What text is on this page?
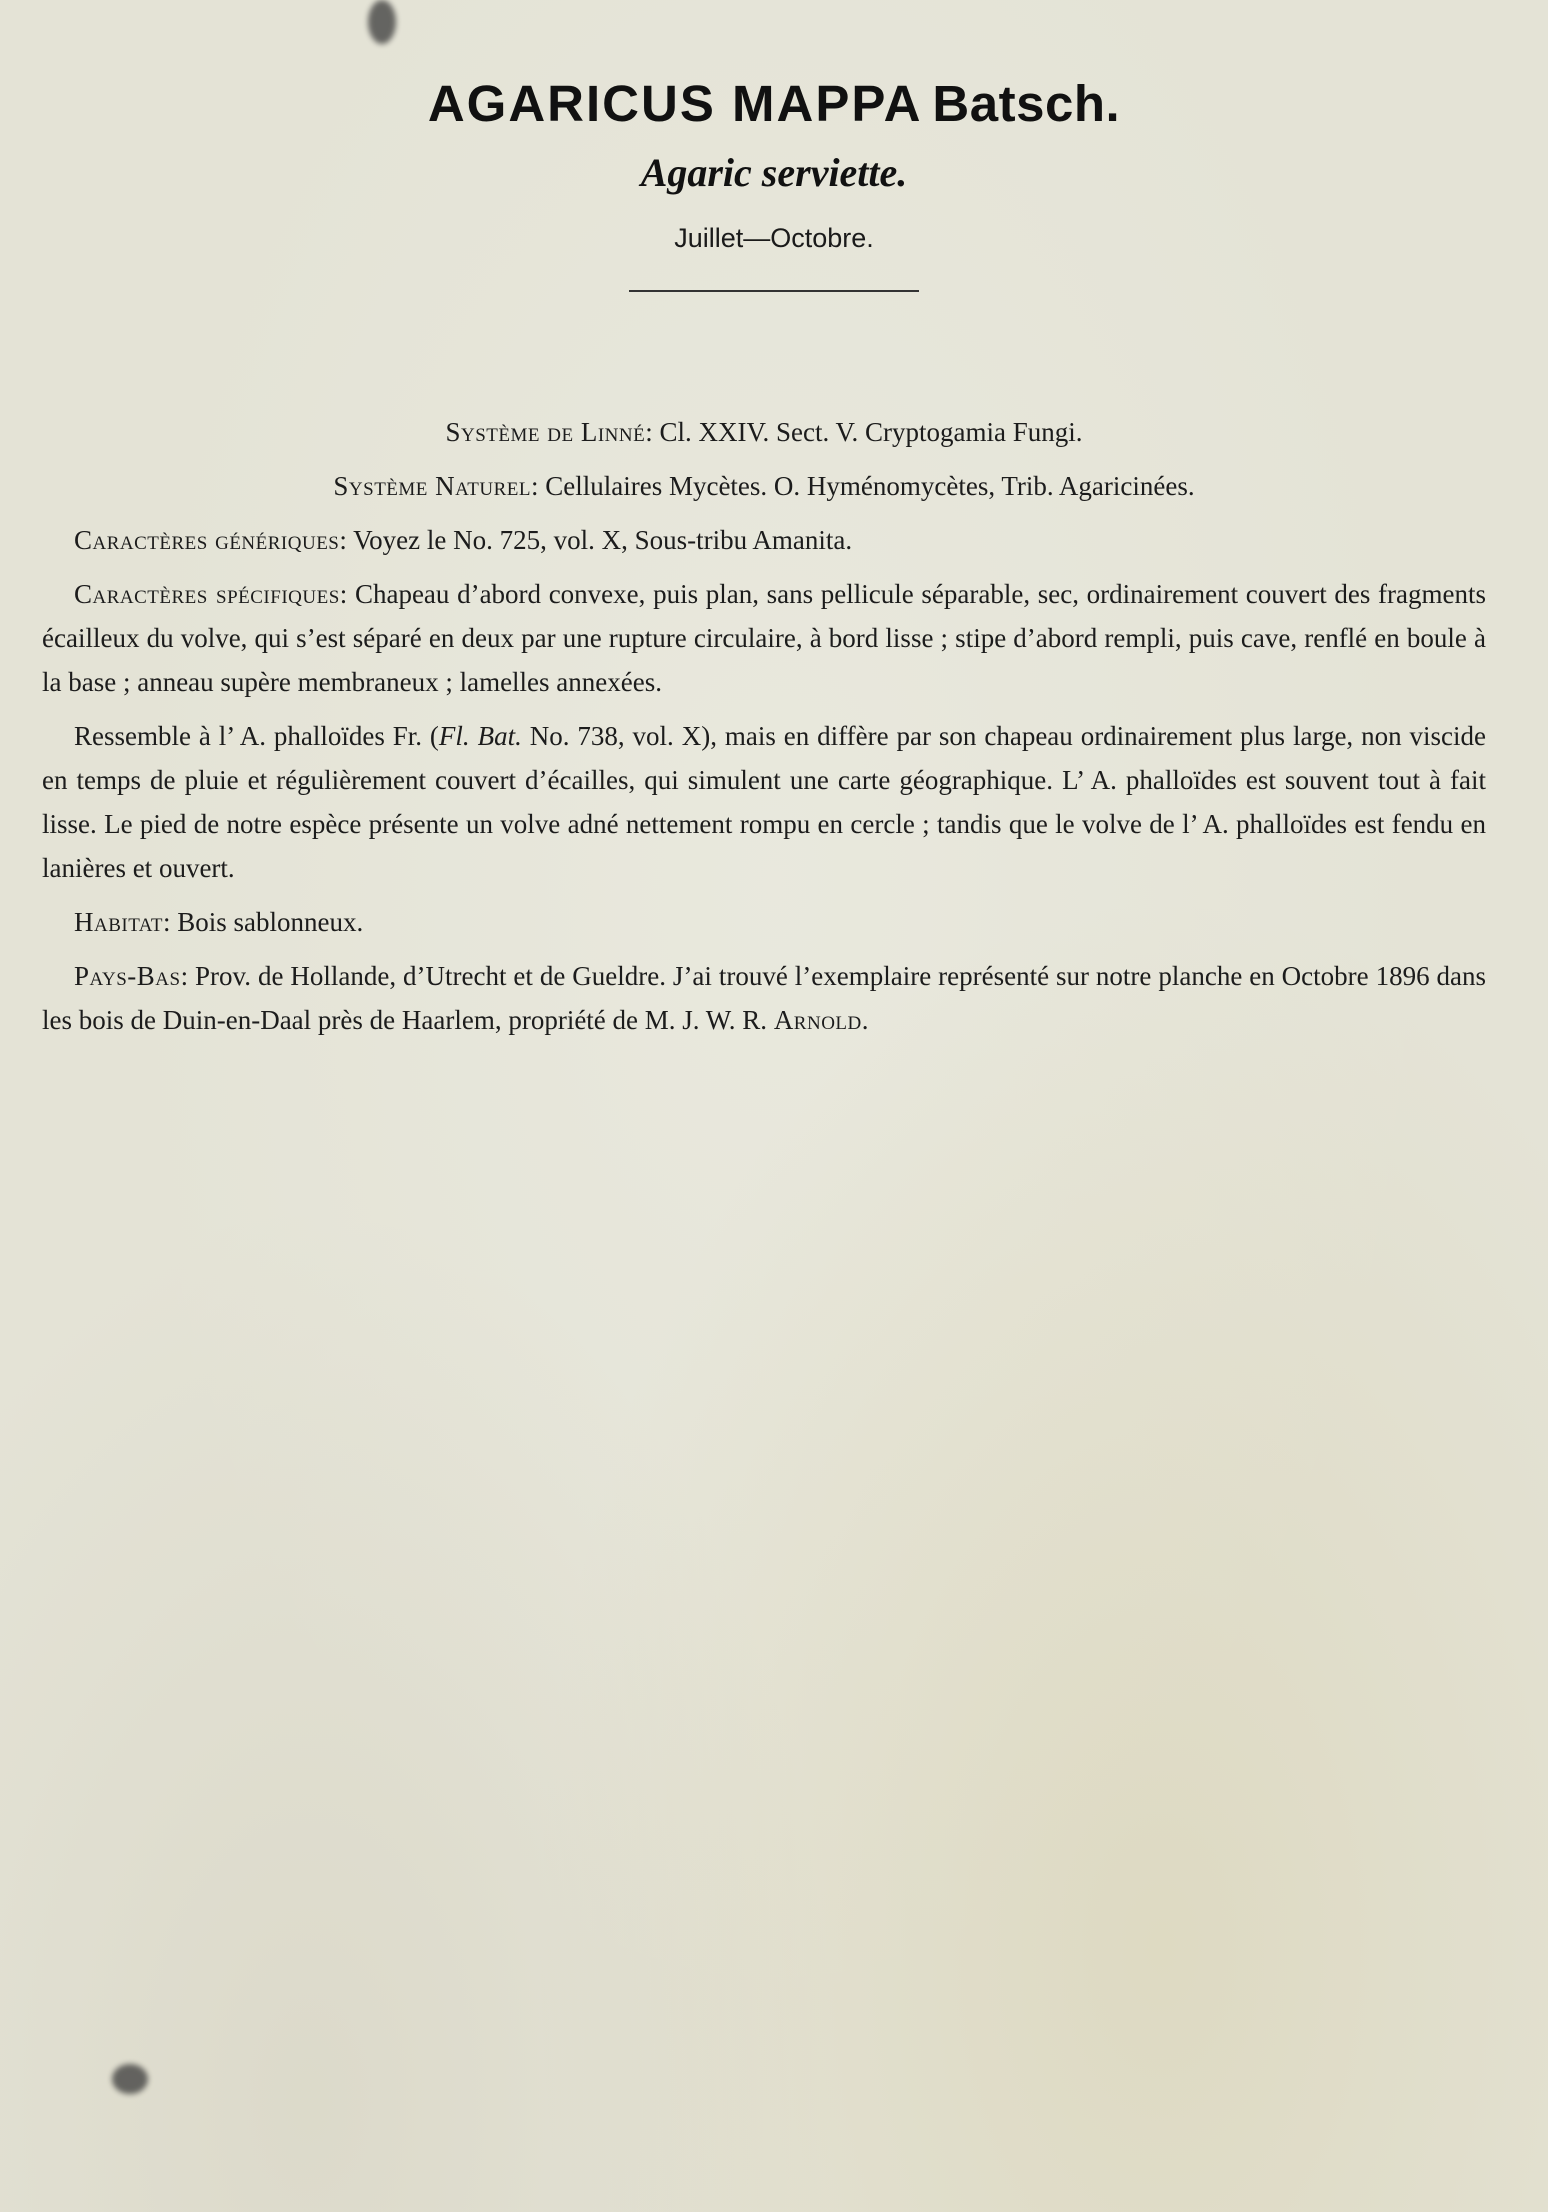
AGARICUS MAPPA Batsch.
Agaric serviette.
Juillet—Octobre.

Système de Linné: Cl. XXIV. Sect. V. Cryptogamia Fungi.

Système Naturel: Cellulaires Mycètes. O. Hyménomycètes, Trib. Agaricinées.

Caractères génériques: Voyez le No. 725, vol. X, Sous-tribu Amanita.

Caractères spécifiques: Chapeau d’abord convexe, puis plan, sans pellicule séparable, sec, ordinairement couvert des fragments écailleux du volve, qui s’est séparé en deux par une rupture circulaire, à bord lisse ; stipe d’abord rempli, puis cave, renflé en boule à la base ; anneau supère membraneux ; lamelles annexées.

Ressemble à l’ A. phalloïdes Fr. (Fl. Bat. No. 738, vol. X), mais en diffère par son chapeau ordinairement plus large, non viscide en temps de pluie et régulièrement couvert d’écailles, qui simulent une carte géographique. L’ A. phalloïdes est souvent tout à fait lisse. Le pied de notre espèce présente un volve adné nettement rompu en cercle ; tandis que le volve de l’ A. phalloïdes est fendu en lanières et ouvert.

Habitat: Bois sablonneux.

Pays-Bas: Prov. de Hollande, d’Utrecht et de Gueldre. J’ai trouvé l’exemplaire représenté sur notre planche en Octobre 1896 dans les bois de Duin-en-Daal près de Haarlem, propriété de M. J. W. R. Arnold.
